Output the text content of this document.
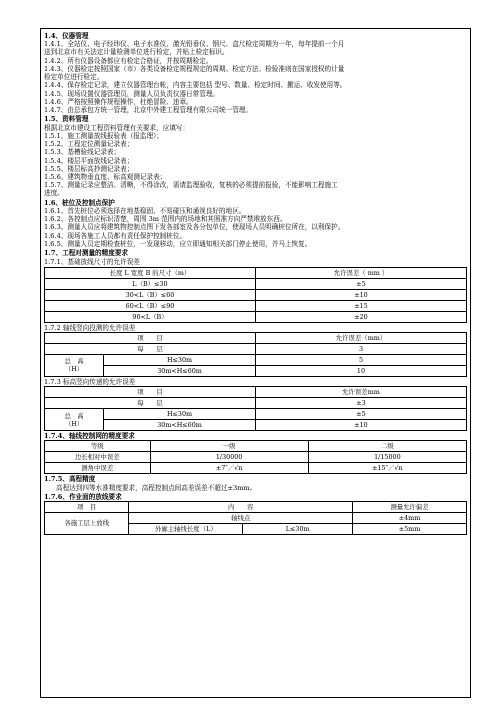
1.4、仪器管理

1.4.1、全站仪、电子经纬仪、电子水准仪、激光铅垂仪、钢尺、盒尺检定周期为一年，每年提前一个月

送到北京市有关法定计量检测单位进行检定，并贴上检定标识。

1.4.2、所有仪器设备都应有检定合格证，并按周期检定。

1.4.3、仪器检定按照国家（市）各类设备检定规程规定的周期、检定方法、检验准则在国家授权的计量

检定单位进行检定。

1.4.4、保存检定记录，建立仪器管理台帐，内容主要包括 型号、数量、检定时间、搬运、收发使用等。

1.4.5、现场设置仪器管理员，测量人员负责仪器日常管理。

1.4.6、严格按照操作规程操作，杜绝冒险、违章。

1.4.7、由总承包方统一管理，北京中外建工程管理有限公司统一管理。

1.5、资料管理

根据北京市建设工程资料管理有关要求，应填写：

1.5.1、施工测量放线报验表（报监理）；

1.5.2、工程定位测量记录表；

1.5.3、基槽验线记录表；

1.5.4、楼层平面放线记录表；

1.5.5、楼层标高抄测记录表；

1.5.6、建筑物垂直度、标高观测记录表；

1.5.7、测量记录应整洁、清晰，不得涂改，需请监理验收，复核的必须提前报验，不能影响工程施工

进度。

1.6、桩位及控制点保护

1.6.1、首先桩位必须选择在地基稳固、不易碰压和通视良好的地区。

1.6.2、各控制点应标识清楚，周围 3m 范围内的场地和其照准方向严禁堆放东西。

1.6.3、测量人员应将建筑物控制点图下发各部室及各分包单位，使现场人员明确桩位所在，以利保护。

1.6.4、现场各施工人员都有责任保护控制桩位。

1.6.5、测量人员定期检查桩位，一发现移动，应立即通知相关部门停止使用，并马上恢复。

1.7、工程对测量的精度要求

1.7.1、基础放线尺寸的允许误差

长度 L 宽度 B 的尺寸（m）	允许误差（ mm ）
L（B）≤30	±5
30<L（B）≤60	±10
60<L（B）≤90	±15
90<L（B）	±20

1.7.2 轴线竖向投测的允许误差

项　　目		允许误差（mm）
每　　层		3
总　高
（H）	H≤30m	5
	30m<H≤60m	10

1.7.3 标高竖向传递的允许误差

项　　目		允许误差mm
每　　层		±3
总　高
（H）	H≤30m	±5
	30m<H≤60m	±10
1.7.4、轴线控制网的精度要求
等级	一级	二级
边长相对中误差	1/30000	1/15000
测角中误差	±7″／√n	±15″／√n
1.7.5、高程精度

高程达到四等水准精度要求，高程控制点间高差误差不超过±3mm。

1.7.6、作业面的放线要求
项　目	内　　容		测量允许偏差
各施工层上放线	轴线点		±4mm
	外廓主轴线长度（L）	L≤30m	±5mm
